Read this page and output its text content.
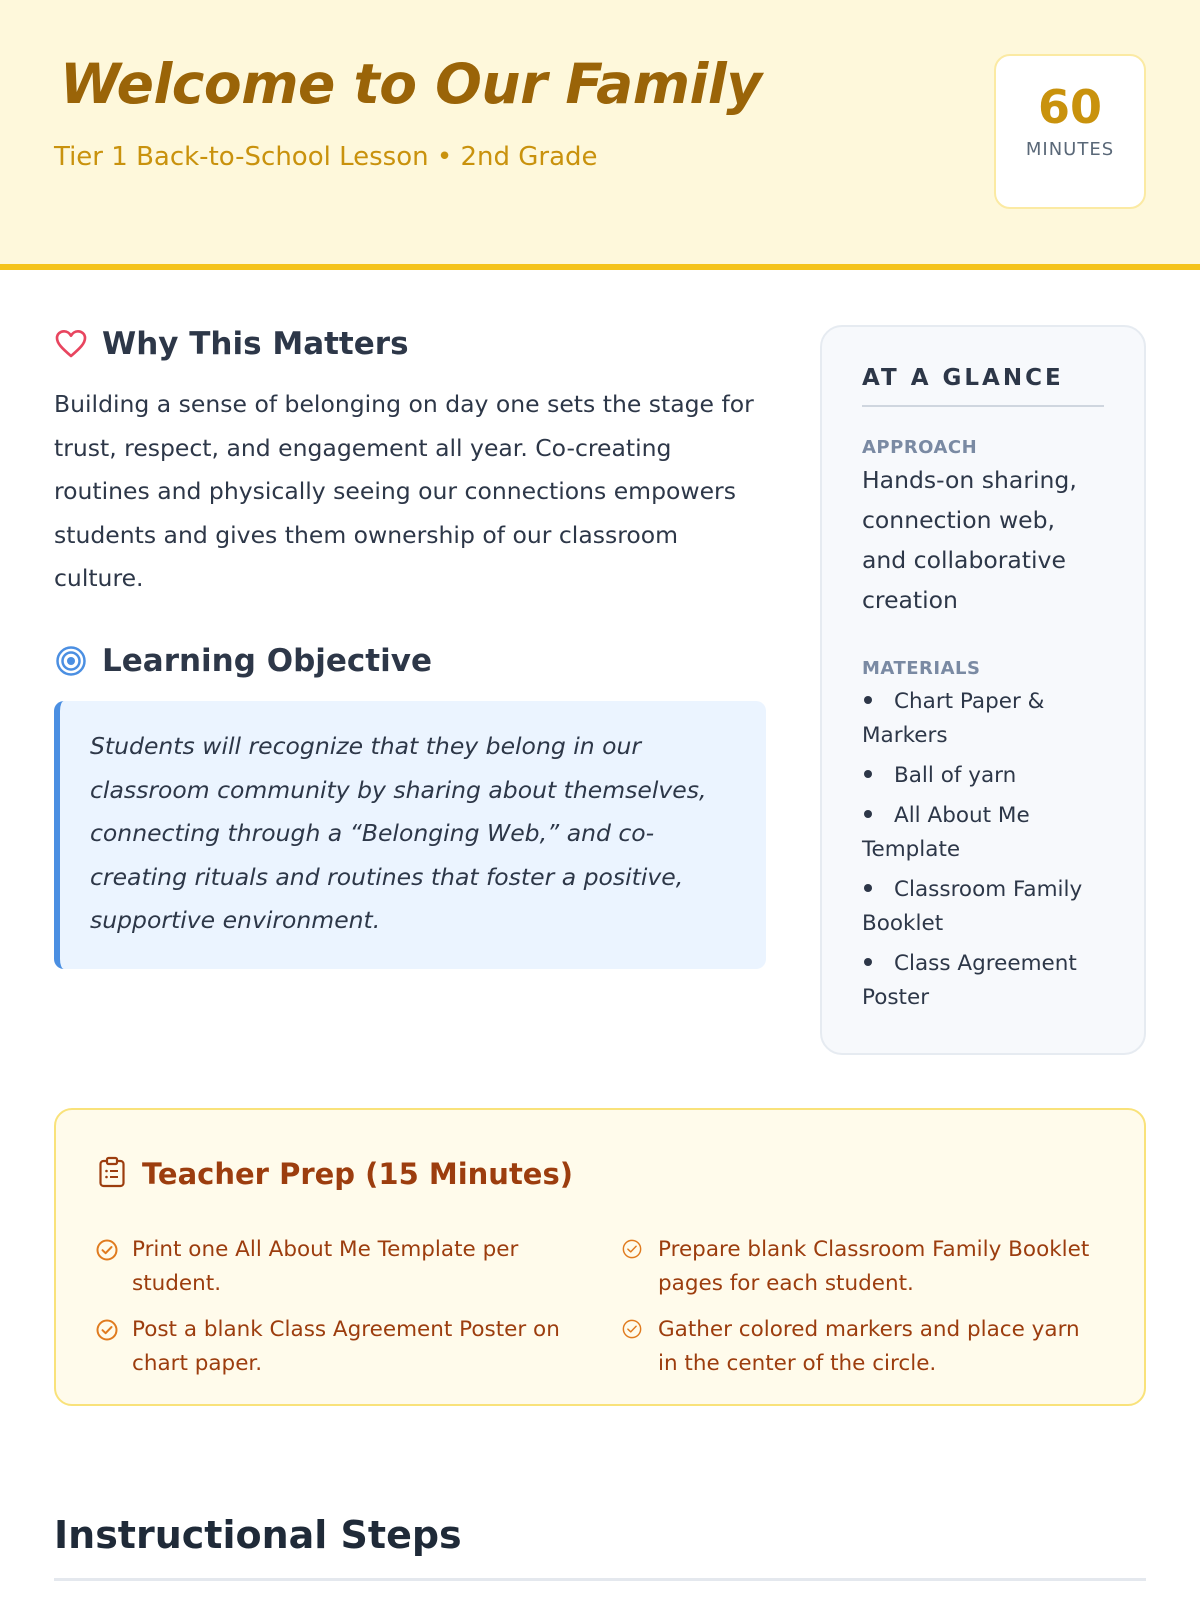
Welcome to Our Family
Tier 1 Back-to-School Lesson • 2nd Grade
60
MINUTES
Why This Matters

Building a sense of belonging on day one sets the stage for trust, respect, and engagement all year. Co-creating routines and physically seeing our connections empowers students and gives them ownership of our classroom culture.

Learning Objective

Students will recognize that they belong in our classroom community by sharing about themselves, connecting through a “Belonging Web,” and co-creating rituals and routines that foster a positive, supportive environment.

AT A GLANCE
APPROACH
Hands-on sharing, connection web, and collaborative creation
MATERIALS
Chart Paper & Markers
Ball of yarn
All About Me Template
Classroom Family Booklet
Class Agreement Poster
Teacher Prep (15 Minutes)
Print one All About Me Template per student.
Prepare blank Classroom Family Booklet pages for each student.
Post a blank Class Agreement Poster on chart paper.
Gather colored markers and place yarn in the center of the circle.
Instructional Steps
